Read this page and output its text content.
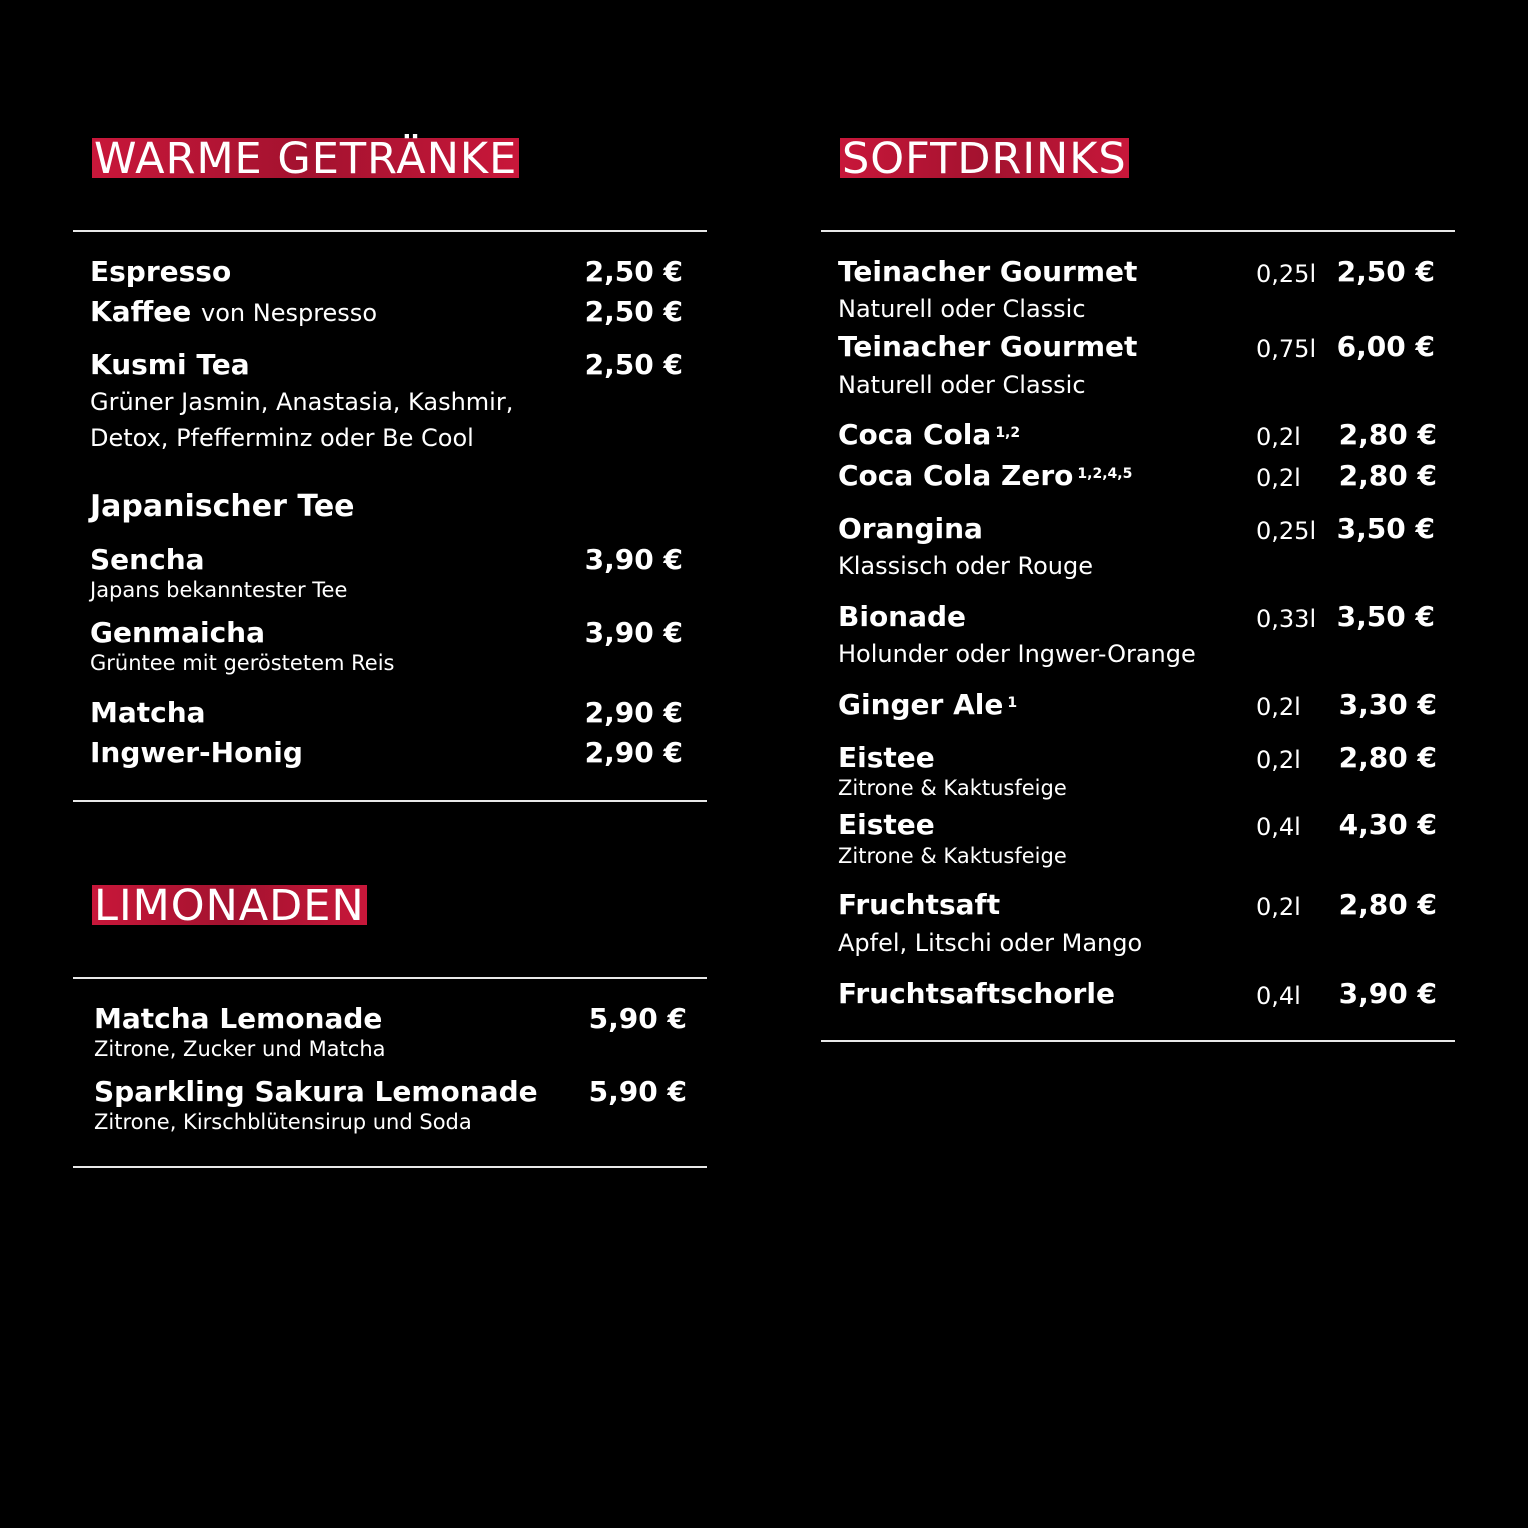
WARME GETRÄNKE
Espresso	2,50 €
Kaffee von Nespresso	2,50 €
Kusmi Tea	2,50 €
Grüner Jasmin, Anastasia, Kashmir,
Detox, Pfefferminz oder Be Cool
Japanischer Tee
Sencha	3,90 €
Japans bekanntester Tee
Genmaicha	3,90 €
Grüntee mit geröstetem Reis
Matcha	2,90 €
Ingwer-Honig	2,90 €
LIMONADEN
Matcha Lemonade	5,90 €
Zitrone, Zucker und Matcha
Sparkling Sakura Lemonade 5,90 €
Zitrone, Kirschblütensirup und Soda
SOFTDRINKS
Teinacher Gourmet	0,25l 2,50 €
Naturell oder Classic
Teinacher Gourmet	0,75l 6,00 €
Naturell oder Classic
Coca Cola $^{1,2}$	0,2l 2,80 €
Coca Cola Zero $^{1,2,4,5}$	0,2l 2,80 €
Orangina	0,25l 3,50 €
Klassisch oder Rouge
Bionade	0,33l 3,50 €
Holunder oder Ingwer-Orange
Ginger Ale $^1$	0,2l 3,30 €
Eistee	0,2l 2,80 €
Zitrone & Kaktusfeige
Eistee	0,4l 4,30 €
Zitrone & Kaktusfeige
Fruchtsaft	0,2l 2,80 €
Apfel, Litschi oder Mango
Fruchtsaftschorle	0,4l 3,90 €
